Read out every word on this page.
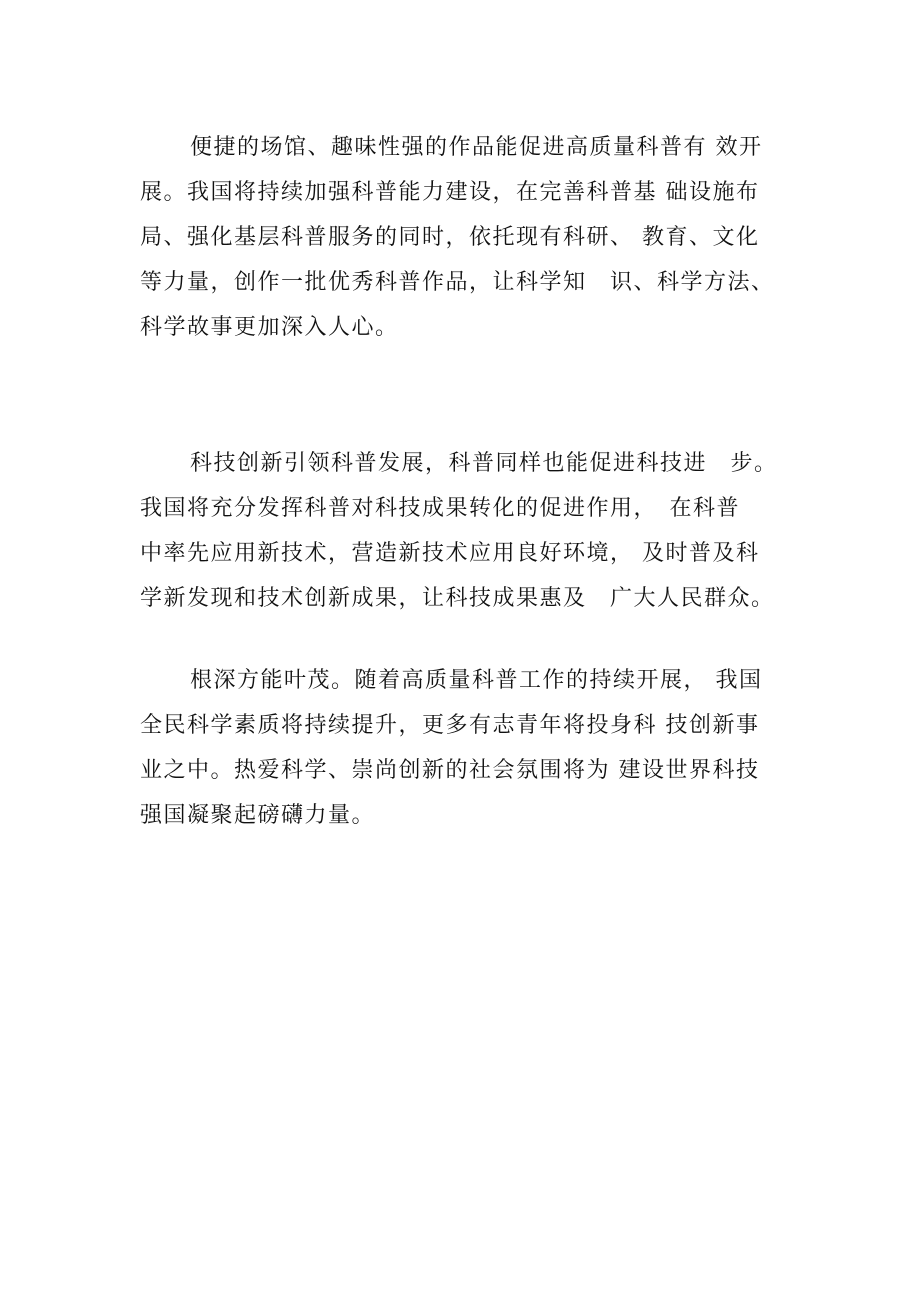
便捷的场馆、趣味性强的作品能促进高质量科普有 效开
展。我国将持续加强科普能力建设，在完善科普基 础设施布
局、强化基层科普服务的同时，依托现有科研、 教育、文化
等力量，创作一批优秀科普作品，让科学知　识、科学方法、
科学故事更加深入人心。
科技创新引领科普发展，科普同样也能促进科技进　步。
我国将充分发挥科普对科技成果转化的促进作用，　在科普
中率先应用新技术，营造新技术应用良好环境， 及时普及科
学新发现和技术创新成果，让科技成果惠及　广大人民群众。
根深方能叶茂。随着高质量科普工作的持续开展， 我国
全民科学素质将持续提升，更多有志青年将投身科 技创新事
业之中。热爱科学、崇尚创新的社会氛围将为 建设世界科技
强国凝聚起磅礴力量。
